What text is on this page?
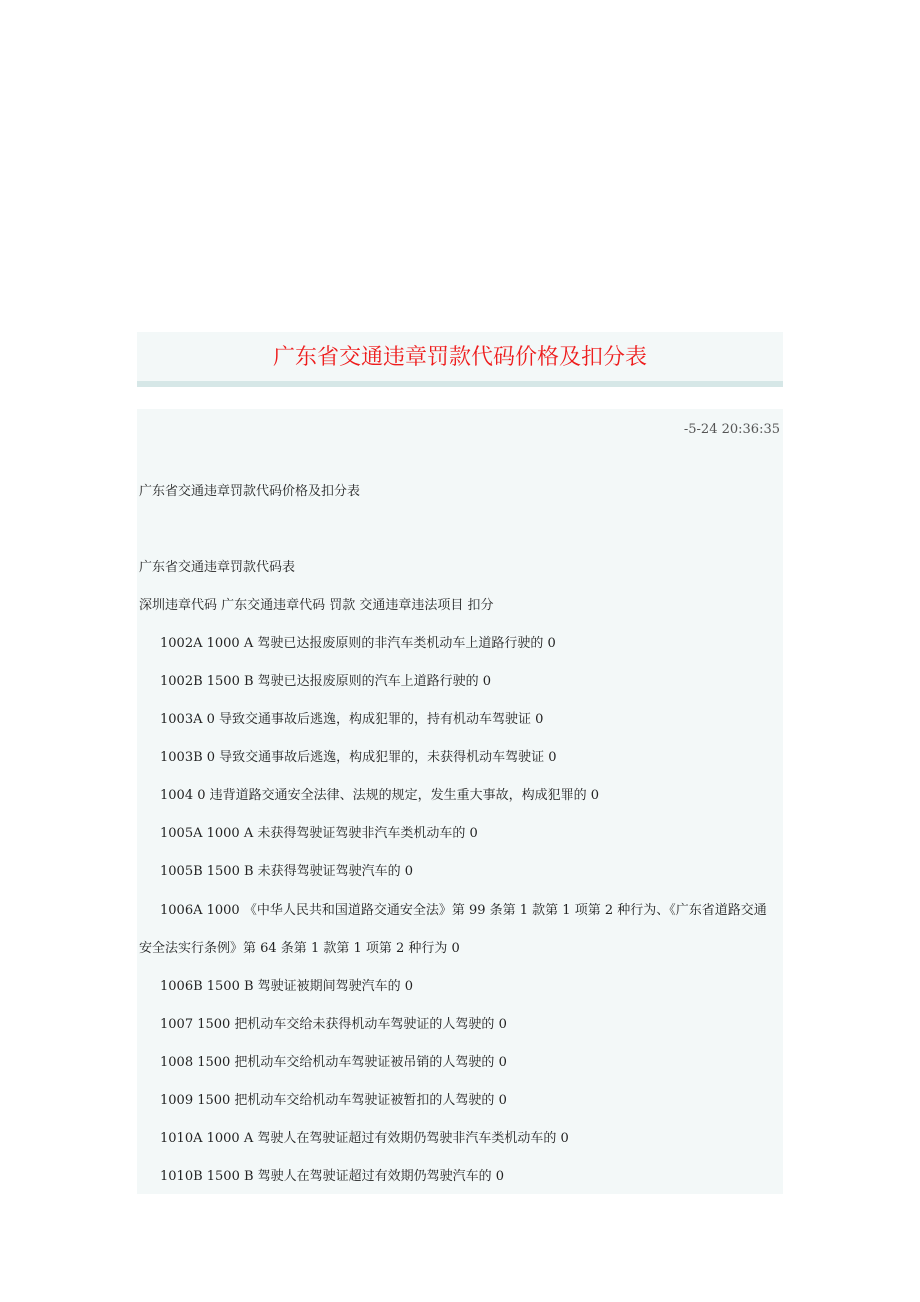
广东省交通违章罚款代码价格及扣分表
-5-24 20:36:35
广东省交通违章罚款代码价格及扣分表
广东省交通违章罚款代码表
深圳违章代码 广东交通违章代码 罚款 交通违章违法项目 扣分
1002A 1000 A 驾驶已达报废原则的非汽车类机动车上道路行驶的 0
1002B 1500 B 驾驶已达报废原则的汽车上道路行驶的 0
1003A 0 导致交通事故后逃逸，构成犯罪的，持有机动车驾驶证 0
1003B 0 导致交通事故后逃逸，构成犯罪的，未获得机动车驾驶证 0
1004 0 违背道路交通安全法律、法规的规定，发生重大事故，构成犯罪的 0
1005A 1000 A 未获得驾驶证驾驶非汽车类机动车的 0
1005B 1500 B 未获得驾驶证驾驶汽车的 0
1006A 1000 《中华人民共和国道路交通安全法》第 99 条第 1 款第 1 项第 2 种行为、《广东省道路交通
安全法实行条例》第 64 条第 1 款第 1 项第 2 种行为 0
1006B 1500 B 驾驶证被期间驾驶汽车的 0
1007 1500 把机动车交给未获得机动车驾驶证的人驾驶的 0
1008 1500 把机动车交给机动车驾驶证被吊销的人驾驶的 0
1009 1500 把机动车交给机动车驾驶证被暂扣的人驾驶的 0
1010A 1000 A 驾驶人在驾驶证超过有效期仍驾驶非汽车类机动车的 0
1010B 1500 B 驾驶人在驾驶证超过有效期仍驾驶汽车的 0
